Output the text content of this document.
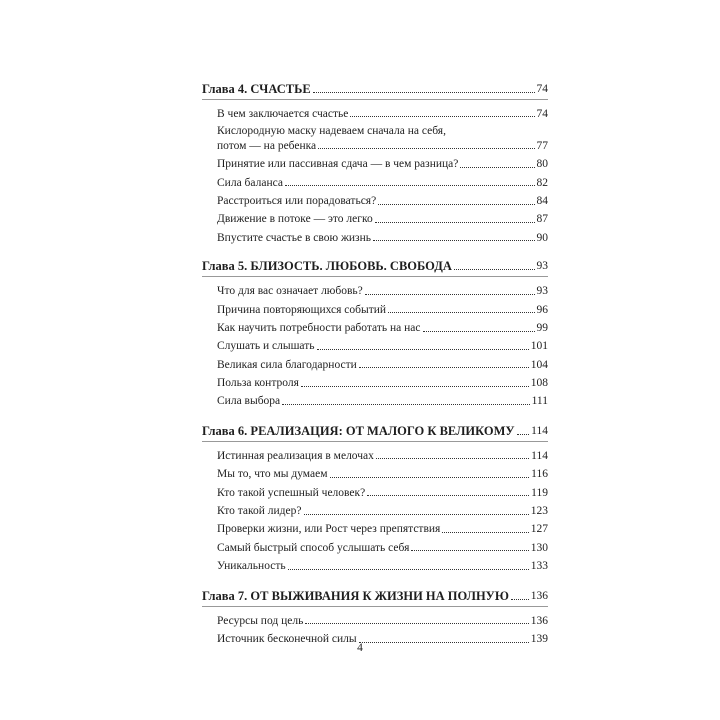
Глава 4. СЧАСТЬЕ	74
В чем заключается счастье	74
Кислородную маску надеваем сначала на себя,
потом — на ребенка	77
Принятие или пассивная сдача — в чем разница?	80
Сила баланса	82
Расстроиться или порадоваться?	84
Движение в потоке — это легко	87
Впустите счастье в свою жизнь	90
Глава 5. БЛИЗОСТЬ. ЛЮБОВЬ. СВОБОДА	93
Что для вас означает любовь?	93
Причина повторяющихся событий	96
Как научить потребности работать на нас	99
Слушать и слышать	101
Великая сила благодарности	104
Польза контроля	108
Сила выбора	111
Глава 6. РЕАЛИЗАЦИЯ: ОТ МАЛОГО К ВЕЛИКОМУ 114
Истинная реализация в мелочах	114
Мы то, что мы думаем	116
Кто такой успешный человек?	119
Кто такой лидер?	123
Проверки жизни, или Рост через препятствия	127
Самый быстрый способ услышать себя	130
Уникальность	133
Глава 7. ОТ ВЫЖИВАНИЯ К ЖИЗНИ НА ПОЛНУЮ 136
Ресурсы под цель	136
Источник бесконечной силы	139
4
